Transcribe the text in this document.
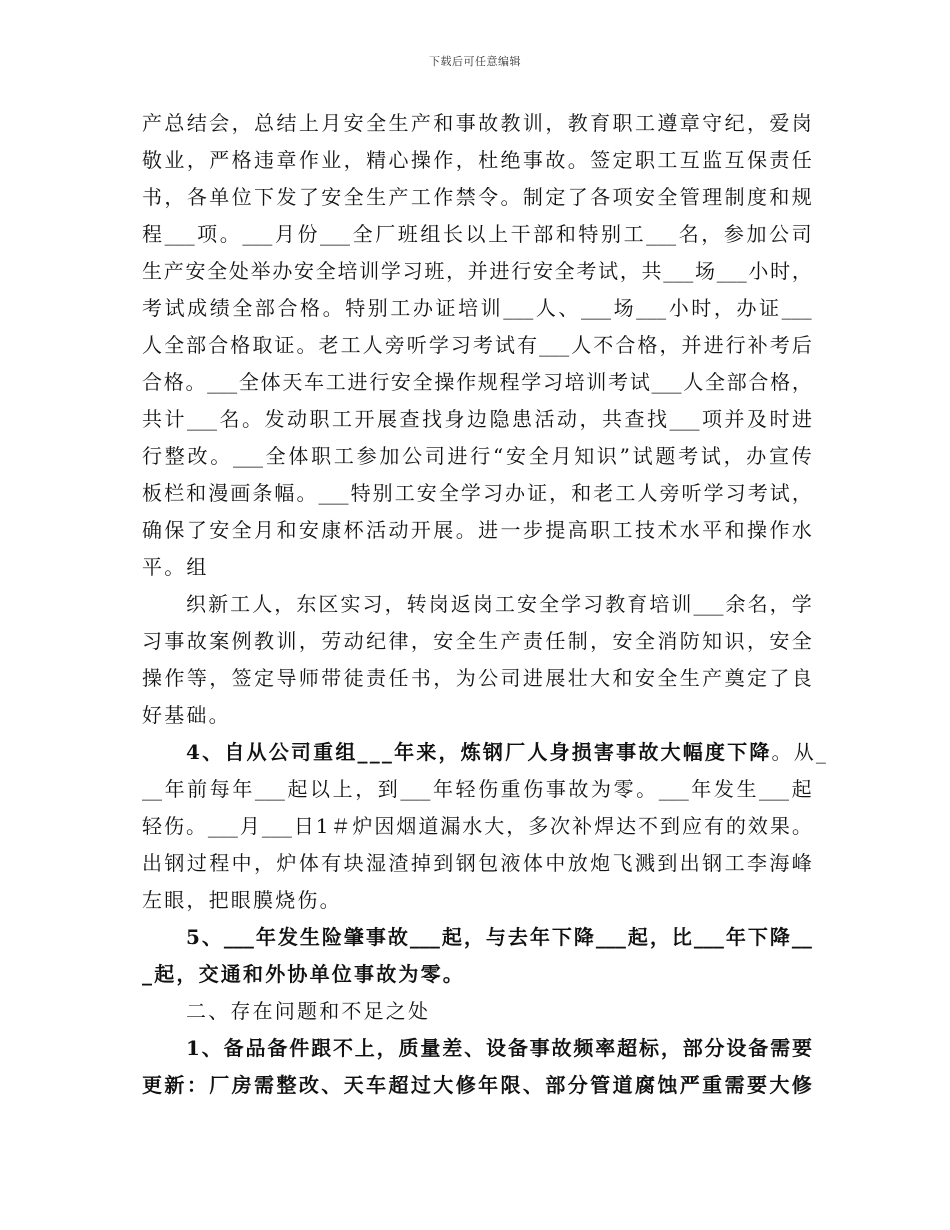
下载后可任意编辑
产 总 结 会 ， 总 结 上 月 安 全 生 产 和 事 故 教 训 ， 教 育 职 工 遵 章 守 纪 ， 爱 岗
敬 业 ， 严 格 违 章 作 业 ， 精 心 操 作 ， 杜 绝 事 故 。 签 定 职 工 互 监 互 保 责 任
书 ， 各 单 位 下 发 了 安 全 生 产 工 作 禁 令 。 制 定 了 各 项 安 全 管 理 制 度 和 规
程 ___ 项 。 ___ 月 份 ___ 全 厂 班 组 长 以 上 干 部 和 特 别 工 ___ 名 ， 参 加 公 司
生 产 安 全 处 举 办 安 全 培 训 学 习 班 ， 并 进 行 安 全 考 试 ， 共 ___ 场 ___ 小 时 ，
考 试 成 绩 全 部 合 格 。 特 别 工 办 证 培 训 ___ 人 、 ___ 场 ___ 小 时 ， 办 证 ___
人 全 部 合 格 取 证 。 老 工 人 旁 听 学 习 考 试 有 ___ 人 不 合 格 ， 并 进 行 补 考 后
合 格 。 ___ 全 体 天 车 工 进 行 安 全 操 作 规 程 学 习 培 训 考 试 ___ 人 全 部 合 格 ，
共 计 ___ 名 。 发 动 职 工 开 展 查 找 身 边 隐 患 活 动 ， 共 查 找 ___ 项 并 及 时 进
行 整 改 。 ___ 全 体 职 工 参 加 公 司 进 行 “ 安 全 月 知 识 ” 试 题 考 试 ， 办 宣 传
板 栏 和 漫 画 条 幅 。 ___ 特 别 工 安 全 学 习 办 证 ， 和 老 工 人 旁 听 学 习 考 试 ，
确 保 了 安 全 月 和 安 康 杯 活 动 开 展 。 进 一 步 提 高 职 工 技 术 水 平 和 操 作 水
平。组
织 新 工 人 ， 东 区 实 习 ， 转 岗 返 岗 工 安 全 学 习 教 育 培 训 ___ 余 名 ， 学
习 事 故 案 例 教 训 ， 劳 动 纪 律 ， 安 全 生 产 责 任 制 ， 安 全 消 防 知 识 ， 安 全
操 作 等 ， 签 定 导 师 带 徒 责 任 书 ， 为 公 司 进 展 壮 大 和 安 全 生 产 奠 定 了 良
好基础。
4、自从公司重组___年来，炼钢厂人身损害事故大幅度下降 。从_
__ 年 前 每 年 ___ 起 以 上 ， 到 ___ 年 轻 伤 重 伤 事 故 为 零 。 ___ 年 发 生 ___ 起
轻 伤 。 ___ 月 ___ 日 1 ＃ 炉 因 烟 道 漏 水 大 ， 多 次 补 焊 达 不 到 应 有 的 效 果 。
出 钢 过 程 中 ， 炉 体 有 块 湿 渣 掉 到 钢 包 液 体 中 放 炮 飞 溅 到 出 钢 工 李 海 峰
左眼，把眼膜烧伤。
5 、 ___ 年 发 生 险 肇 事 故 ___ 起 ， 与 去 年 下 降 ___ 起 ， 比 ___ 年 下 降 __
_起，交通和外协单位事故为零。
二、存在问题和不足之处
1 、 备 品 备 件 跟 不 上 ， 质 量 差 、 设 备 事 故 频 率 超 标 ， 部 分 设 备 需 要
更 新 ： 厂 房 需 整 改 、 天 车 超 过 大 修 年 限 、 部 分 管 道 腐 蚀 严 重 需 要 大 修
